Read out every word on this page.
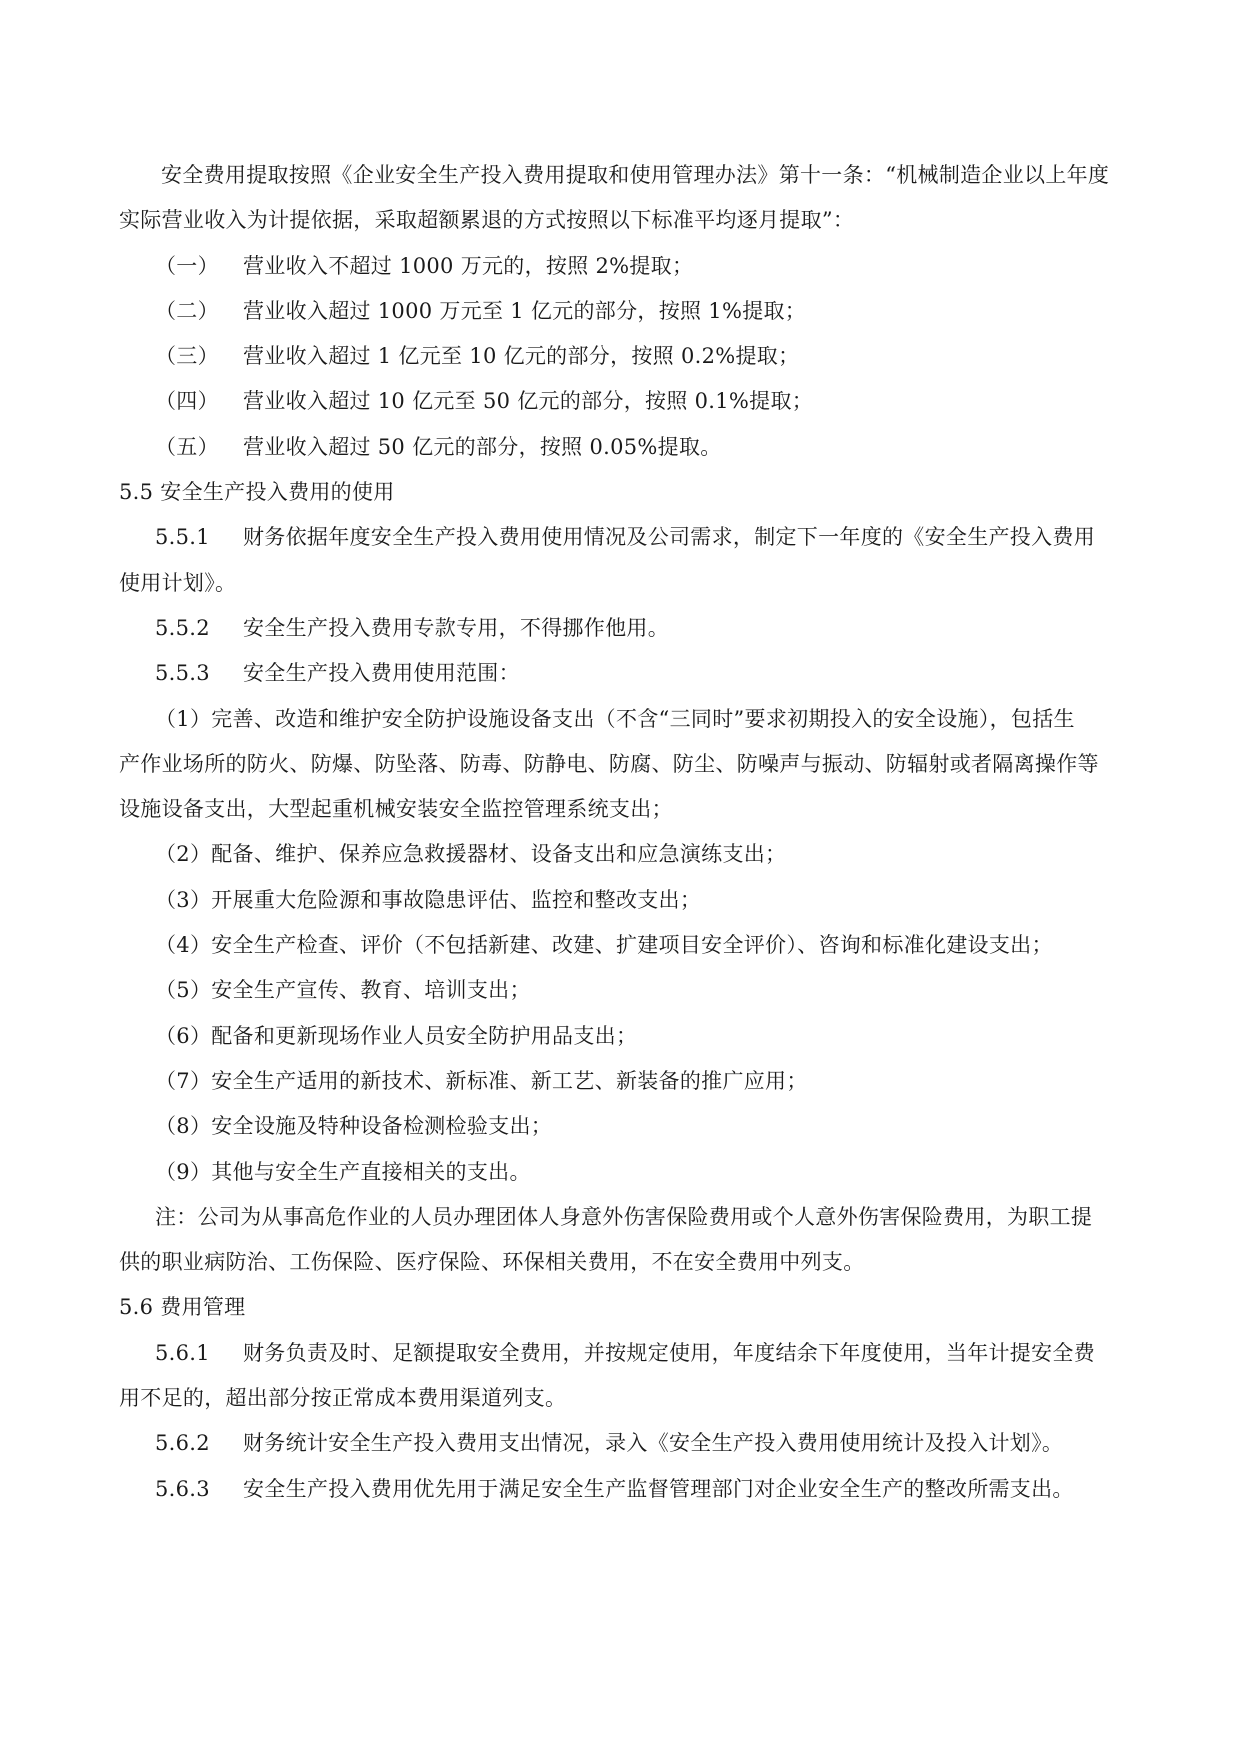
安全费用提取按照《企业安全生产投入费用提取和使用管理办法》第十一条：“机械制造企业以上年度
实际营业收入为计提依据，采取超额累退的方式按照以下标准平均逐月提取”：
（一） 营业收入不超过 1000 万元的，按照 2%提取；
（二） 营业收入超过 1000 万元至 1 亿元的部分，按照 1%提取；
（三） 营业收入超过 1 亿元至 10 亿元的部分，按照 0.2%提取；
（四） 营业收入超过 10 亿元至 50 亿元的部分，按照 0.1%提取；
（五） 营业收入超过 50 亿元的部分，按照 0.05%提取。
5.5 安全生产投入费用的使用
5.5.1 财务依据年度安全生产投入费用使用情况及公司需求，制定下一年度的《安全生产投入费用
使用计划》。
5.5.2 安全生产投入费用专款专用，不得挪作他用。
5.5.3 安全生产投入费用使用范围：
（1）完善、改造和维护安全防护设施设备支出（不含“三同时”要求初期投入的安全设施），包括生
产作业场所的防火、防爆、防坠落、防毒、防静电、防腐、防尘、防噪声与振动、防辐射或者隔离操作等
设施设备支出，大型起重机械安装安全监控管理系统支出；
（2）配备、维护、保养应急救援器材、设备支出和应急演练支出；
（3）开展重大危险源和事故隐患评估、监控和整改支出；
（4）安全生产检查、评价（不包括新建、改建、扩建项目安全评价）、咨询和标准化建设支出；
（5）安全生产宣传、教育、培训支出；
（6）配备和更新现场作业人员安全防护用品支出；
（7）安全生产适用的新技术、新标准、新工艺、新装备的推广应用；
（8）安全设施及特种设备检测检验支出；
（9）其他与安全生产直接相关的支出。
注：公司为从事高危作业的人员办理团体人身意外伤害保险费用或个人意外伤害保险费用，为职工提
供的职业病防治、工伤保险、医疗保险、环保相关费用，不在安全费用中列支。
5.6 费用管理
5.6.1 财务负责及时、足额提取安全费用，并按规定使用，年度结余下年度使用，当年计提安全费
用不足的，超出部分按正常成本费用渠道列支。
5.6.2 财务统计安全生产投入费用支出情况，录入《安全生产投入费用使用统计及投入计划》。
5.6.3 安全生产投入费用优先用于满足安全生产监督管理部门对企业安全生产的整改所需支出。
